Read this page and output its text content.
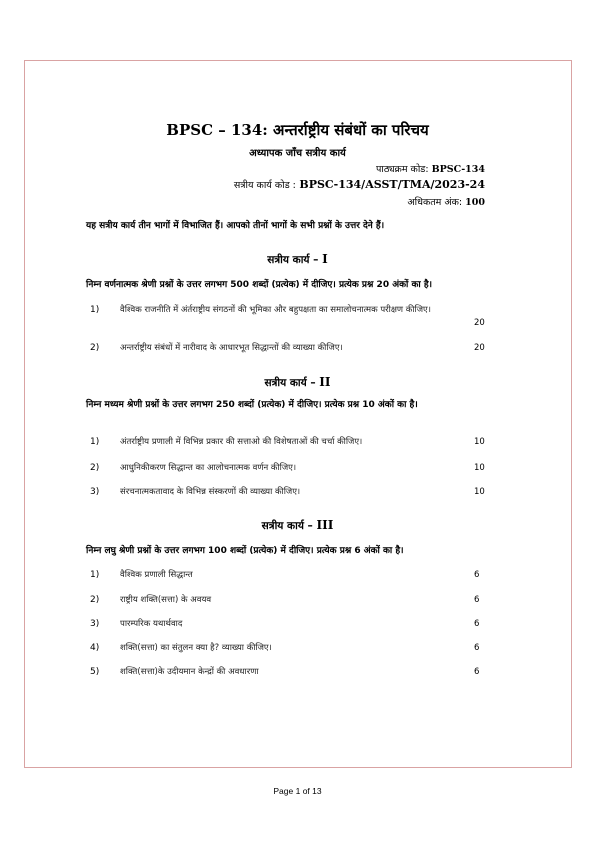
BPSC – 134: अन्तर्राष्ट्रीय संबंधों का परिचय
अध्यापक जाँच सत्रीय कार्य
पाठ्यक्रम कोड: BPSC-134
सत्रीय कार्य कोड : BPSC-134/ASST/TMA/2023-24
अधिकतम अंक: 100
यह सत्रीय कार्य तीन भागों में विभाजित हैं। आपको तीनों भागों के सभी प्रश्नों के उत्तर देने हैं।
सत्रीय कार्य – I
निम्न वर्णनात्मक श्रेणी प्रश्नों के उत्तर लगभग 500 शब्दों (प्रत्येक) में दीजिए। प्रत्येक प्रश्न 20 अंकों का है।
1) वैश्विक राजनीति में अंर्तराष्ट्रीय संगठनों की भूमिका और बहुपक्षता का समालोचनात्मक परीक्षण कीजिए।
20
2) अन्तर्राष्ट्रीय संबंधों में नारीवाद के आधारभूत सिद्धान्तों की व्याख्या कीजिए।	20
सत्रीय कार्य – II
निम्न मध्यम श्रेणी प्रश्नों के उत्तर लगभग 250 शब्दों (प्रत्येक) में दीजिए। प्रत्येक प्रश्न 10 अंकों का है।
1) अंतर्राष्ट्रीय प्रणाली में विभिन्न प्रकार की सत्ताओ की विशेषताओं की चर्चा कीजिए।	10
2) आधुनिकीकरण सिद्धान्त का आलोचनात्मक वर्णन कीजिए।	10
3) संरचनात्मकतावाद के विभिन्न संस्करणों की व्याख्या कीजिए।	10
सत्रीय कार्य – III
निम्न लघु श्रेणी प्रश्नों के उत्तर लगभग 100 शब्दों (प्रत्येक) में दीजिए। प्रत्येक प्रश्न 6 अंकों का है।
1) वैश्विक प्रणाली सिद्धान्त	6
2) राष्ट्रीय शक्ति(सत्ता) के अवयव	6
3) पारम्परिक यथार्थवाद	6
4) शक्ति(सत्ता) का संतुलन क्या है? व्याख्या कीजिए।	6
5) शक्ति(सत्ता)के उदीयमान केन्द्रों की अवधारणा	6
Page 1 of 13
